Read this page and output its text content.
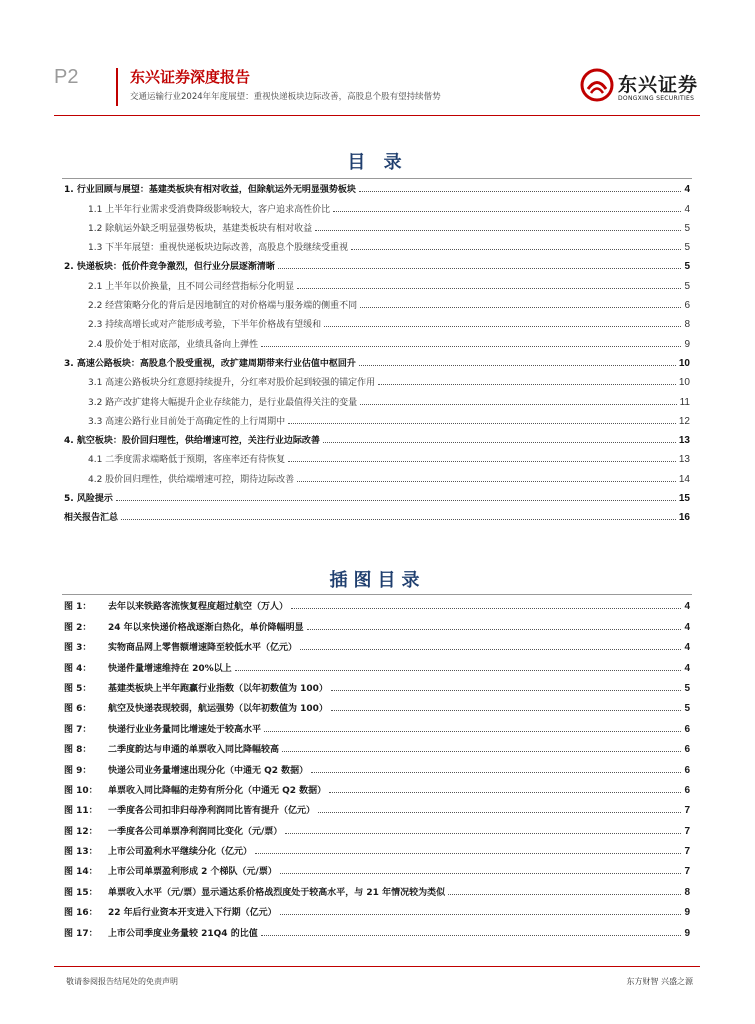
P2	东兴证券深度报告
交通运输行业2024年年度展望：重视快递板块边际改善，高股息个股有望持续偕势
东兴证券
DONGXING SECURITIES
目 录
1. 行业回顾与展望：基建类板块有相对收益，但除航运外无明显强势板块	4
1.1 上半年行业需求受消费降级影响较大，客户追求高性价比	4
1.2 除航运外缺乏明显强势板块，基建类板块有相对收益	5
1.3 下半年展望：重视快递板块边际改善，高股息个股继续受重视	5
2. 快递板块：低价件竞争激烈，但行业分层逐渐清晰	5
2.1 上半年以价换量，且不同公司经营指标分化明显	5
2.2 经营策略分化的背后是因地制宜的对价格端与服务端的侧重不同	6
2.3 持续高增长或对产能形成考验，下半年价格战有望缓和	8
2.4 股价处于相对底部，业绩具备向上弹性	9
3. 高速公路板块：高股息个股受重视，改扩建周期带来行业估值中枢回升	10
3.1 高速公路板块分红意愿持续提升，分红率对股价起到较强的锚定作用	10
3.2 路产改扩建将大幅提升企业存续能力，是行业最值得关注的变量	11
3.3 高速公路行业目前处于高确定性的上行周期中	12
4. 航空板块：股价回归理性，供给增速可控，关注行业边际改善	13
4.1 二季度需求端略低于预期，客座率还有待恢复	13
4.2 股价回归理性，供给端增速可控，期待边际改善	14
5. 风险提示	15
相关报告汇总	16
插图目录
图 1：	去年以来铁路客流恢复程度超过航空（万人）	4
图 2：	24 年以来快递价格战逐渐白热化，单价降幅明显	4
图 3：	实物商品网上零售额增速降至较低水平（亿元）	4
图 4：	快递件量增速维持在 20%以上	4
图 5：	基建类板块上半年跑赢行业指数（以年初数值为 100）	5
图 6：	航空及快递表现较弱，航运强势（以年初数值为 100）	5
图 7：	快递行业业务量同比增速处于较高水平	6
图 8：	二季度韵达与申通的单票收入同比降幅较高	6
图 9：	快递公司业务量增速出现分化（中通无 Q2 数据）	6
图 10：	单票收入同比降幅的走势有所分化（中通无 Q2 数据）	6
图 11：	一季度各公司扣非归母净利润同比皆有提升（亿元）	7
图 12：	一季度各公司单票净利润同比变化（元/票）	7
图 13：	上市公司盈利水平继续分化（亿元）	7
图 14：	上市公司单票盈利形成 2 个梯队（元/票）	7
图 15：	单票收入水平（元/票）显示通达系价格战烈度处于较高水平，与 21 年情况较为类似	8
图 16：	22 年后行业资本开支进入下行期（亿元）	9
图 17：	上市公司季度业务量较 21Q4 的比值	9
敬请参阅报告结尾处的免责声明	东方财智 兴盛之源
